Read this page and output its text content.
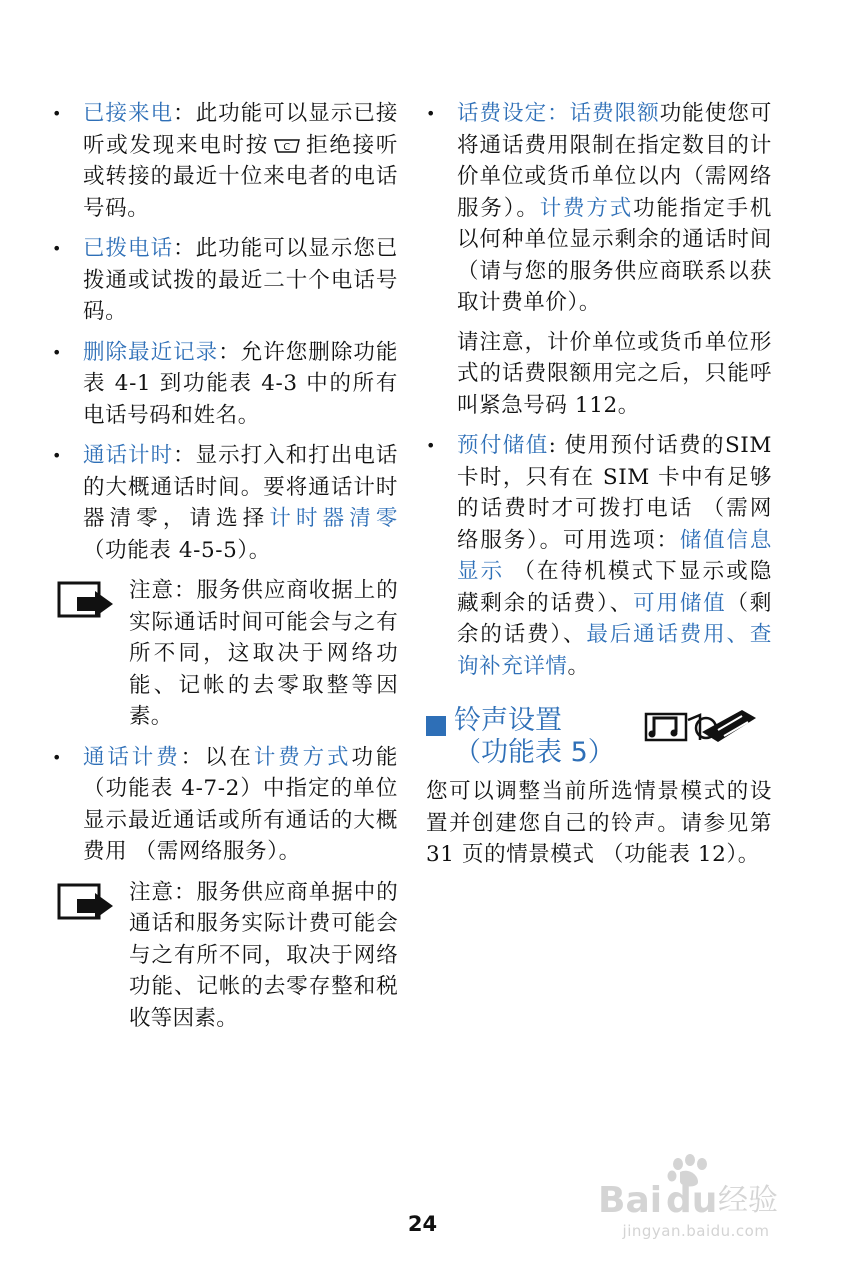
•	已接来电：此功能可以显示已接听或发现来电时按 C 拒绝接听或转接的最近十位来电者的电话号码。

•	已拨电话：此功能可以显示您已拨通或试拨的最近二十个电话号码。

•	删除最近记录：允许您删除功能表 4-1 到功能表 4-3 中的所有电话号码和姓名。

•	通话计时：显示打入和打出电话的大概通话时间。要将通话计时器清零，请选择计时器清零 （功能表 4-5-5）。

注意：服务供应商收据上的实际通话时间可能会与之有所不同，这取决于网络功能、记帐的去零取整等因素。

•	通话计费：以在计费方式功能（功能表 4-7-2）中指定的单位显示最近通话或所有通话的大概费用 （需网络服务）。

注意：服务供应商单据中的通话和服务实际计费可能会与之有所不同，取决于网络功能、记帐的去零存整和税收等因素。

•	话费设定：话费限额功能使您可将通话费用限制在指定数目的计价单位或货币单位以内（需网络服务）。计费方式功能指定手机以何种单位显示剩余的通话时间 （请与您的服务供应商联系以获取计费单价）。

请注意，计价单位或货币单位形式的话费限额用完之后，只能呼叫紧急号码 112。

•	预付储值: 使用预付话费的SIM卡时，只有在 SIM 卡中有足够的话费时才可拨打电话 （需网络服务）。可用选项：储值信息显示 （在待机模式下显示或隐藏剩余的话费）、可用储值（剩余的话费）、最后通话费用、查询补充详情。

铃声设置
（功能表 5）

您可以调整当前所选情景模式的设置并创建您自己的铃声。请参见第 31 页的情景模式 （功能表 12）。

24
Bai du 经验
jingyan.baidu.com
